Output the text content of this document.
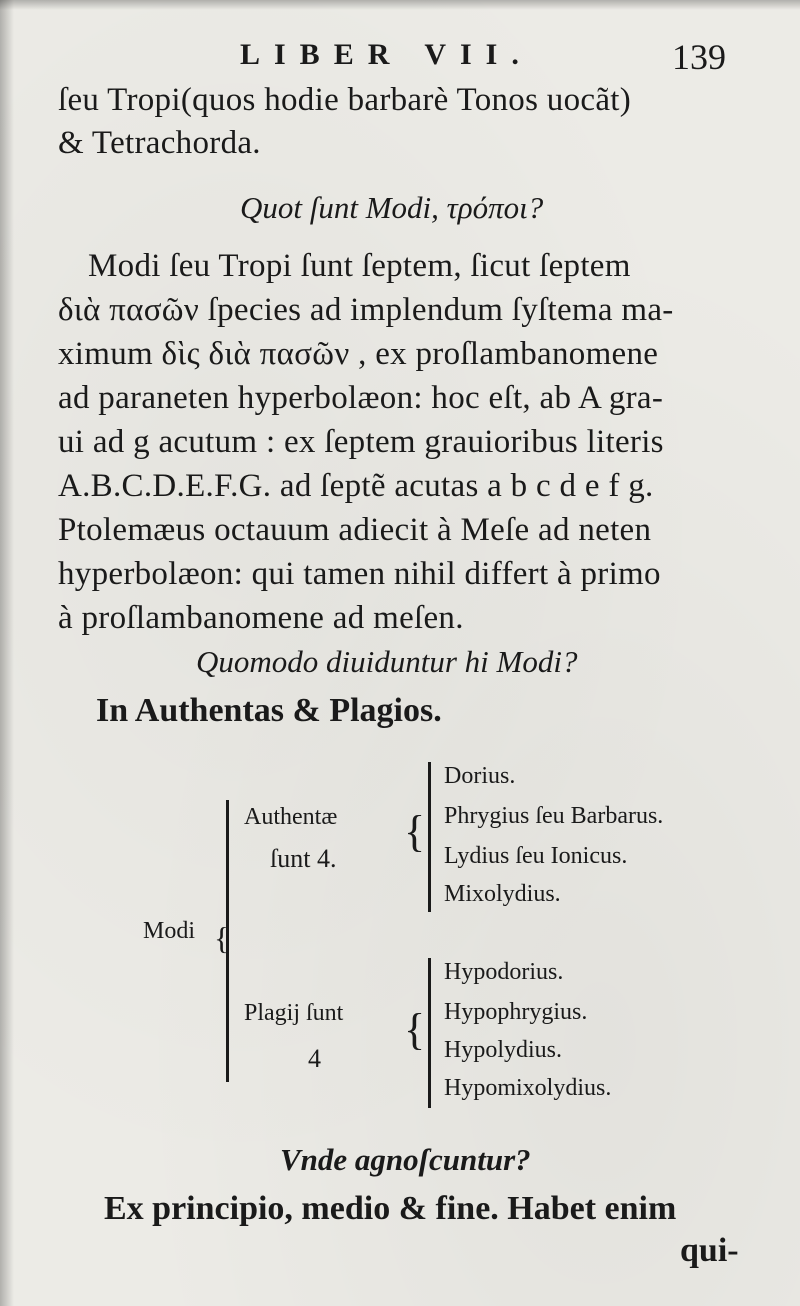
LIBER VII.	139
ſeu Tropi(quos hodie barbarè Tonos uocãt)
& Tetrachorda.
Quot ſunt Modi, τρόποι?
Modi ſeu Tropi ſunt ſeptem, ſicut ſeptem
διὰ πασῶν ſpecies ad implendum ſyſtema ma-
ximum δὶς διὰ πασῶν , ex proſlambanomene
ad paraneten hyperbolæon: hoc eſt, ab A gra-
ui ad g acutum : ex ſeptem grauioribus literis
A.B.C.D.E.F.G. ad ſeptẽ acutas a b c d e f g.
Ptolemæus octauum adiecit à Meſe ad neten
hyperbolæon: qui tamen nihil differt à primo
à proſlambanomene ad meſen.
Quomodo diuiduntur hi Modi?
In Authentas & Plagios.
Modi {
Authentæ
ſunt 4.
Plagij ſunt
4
{
Dorius.
Phrygius ſeu Barbarus.
Lydius ſeu Ionicus.
Mixolydius.
{
Hypodorius.
Hypophrygius.
Hypolydius.
Hypomixolydius.
Vnde agnoſcuntur?
Ex principio, medio & fine. Habet enim
qui-
